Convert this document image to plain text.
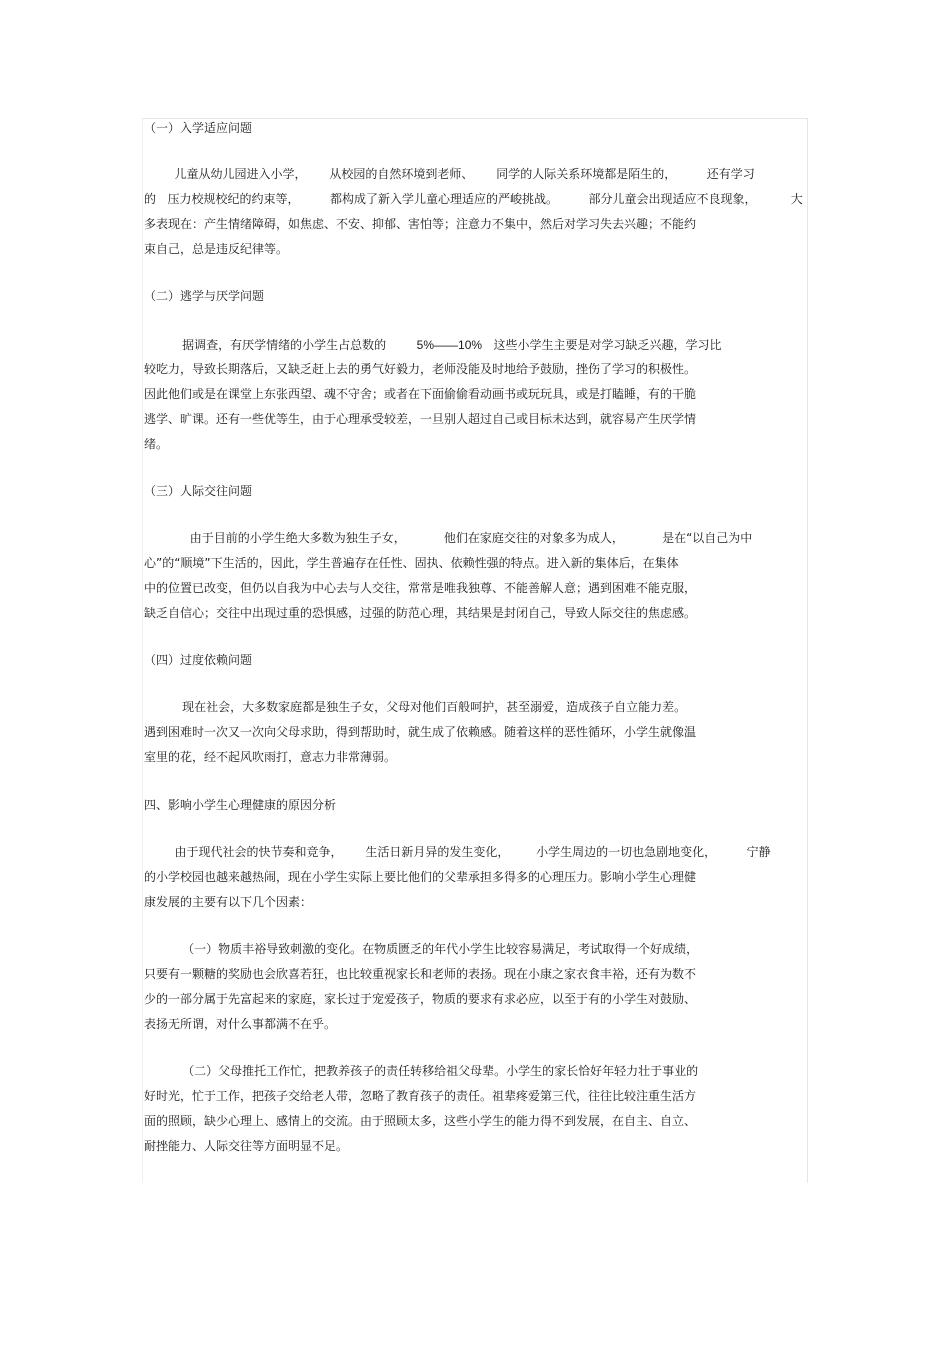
（一）入学适应问题
儿童从幼儿园进入小学，      从校园的自然环境到老师、      同学的人际关系环境都是陌生的，        还有学习
的   压力校规校纪的约束等，        都构成了新入学儿童心理适应的严峻挑战。        部分儿童会出现适应不良现象，         大
多表现在：产生情绪障碍，如焦虑、不安、抑郁、害怕等；注意力不集中，然后对学习失去兴趣；不能约
束自己，总是违反纪律等。
（二）逃学与厌学问题
据调查，有厌学情绪的小学生占总数的	5%——10% 这些小学生主要是对学习缺乏兴趣，学习比
较吃力，导致长期落后，又缺乏赶上去的勇气好毅力，老师没能及时地给予鼓励，挫伤了学习的积极性。
因此他们或是在课堂上东张西望、魂不守舍；或者在下面偷偷看动画书或玩玩具，或是打瞌睡，有的干脆
逃学、旷课。还有一些优等生，由于心理承受较差，一旦别人超过自己或目标未达到，就容易产生厌学情
绪。
（三）人际交往问题
由于目前的小学生绝大多数为独生子女，          他们在家庭交往的对象多为成人，          是在“以自己为中
心”的“顺境”下生活的，因此，学生普遍存在任性、固执、依赖性强的特点。进入新的集体后，在集体
中的位置已改变，但仍以自我为中心去与人交往，常常是唯我独尊、不能善解人意；遇到困难不能克服，
缺乏自信心；交往中出现过重的恐惧感，过强的防范心理，其结果是封闭自己，导致人际交往的焦虑感。
（四）过度依赖问题
现在社会，大多数家庭都是独生子女，父母对他们百般呵护，甚至溺爱，造成孩子自立能力差。
遇到困难时一次又一次向父母求助，得到帮助时，就生成了依赖感。随着这样的恶性循环，小学生就像温
室里的花，经不起风吹雨打，意志力非常薄弱。
四、影响小学生心理健康的原因分析
由于现代社会的快节奏和竞争，      生活日新月异的发生变化，       小学生周边的一切也急剧地变化，        宁静
的小学校园也越来越热闹，现在小学生实际上要比他们的父辈承担多得多的心理压力。影响小学生心理健
康发展的主要有以下几个因素：
（一）物质丰裕导致刺激的变化。在物质匮乏的年代小学生比较容易满足，考试取得一个好成绩，
只要有一颗糖的奖励也会欣喜若狂，也比较重视家长和老师的表扬。现在小康之家衣食丰裕，还有为数不
少的一部分属于先富起来的家庭，家长过于宠爱孩子，物质的要求有求必应，以至于有的小学生对鼓励、
表扬无所谓，对什么事都满不在乎。
（二）父母推托工作忙，把教养孩子的责任转移给祖父母辈。小学生的家长恰好年轻力壮于事业的
好时光，忙于工作，把孩子交给老人带，忽略了教育孩子的责任。祖辈疼爱第三代，往往比较注重生活方
面的照顾，缺少心理上、感情上的交流。由于照顾太多，这些小学生的能力得不到发展，在自主、自立、
耐挫能力、人际交往等方面明显不足。
